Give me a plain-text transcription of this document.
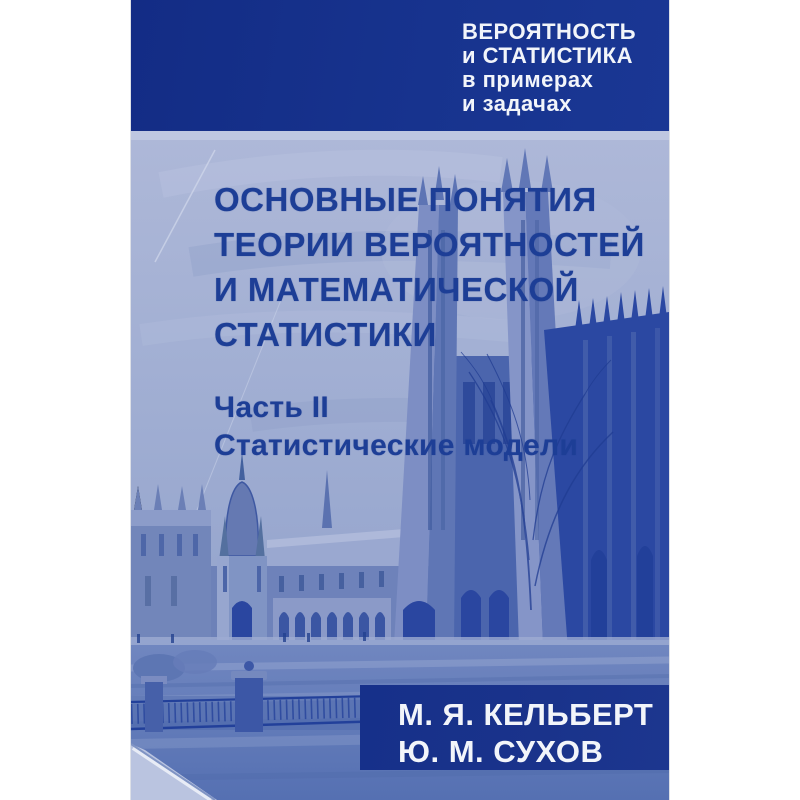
ВЕРОЯТНОСТЬ
и СТАТИСТИКА
в примерах
и задачах
ОСНОВНЫЕ ПОНЯТИЯ
ТЕОРИИ ВЕРОЯТНОСТЕЙ
И МАТЕМАТИЧЕСКОЙ
СТАТИСТИКИ
Часть II
Статистические модели
М. Я. КЕЛЬБЕРТ
Ю. М. СУХОВ
